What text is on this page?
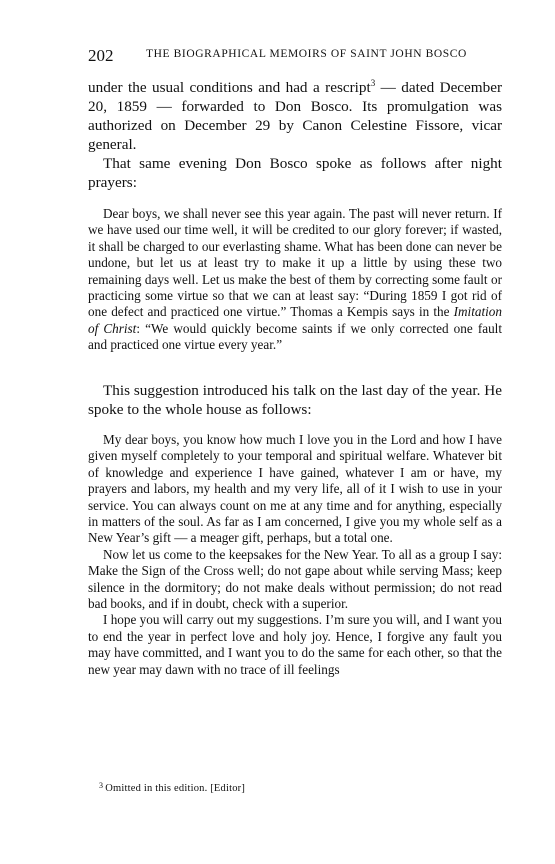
202	THE BIOGRAPHICAL MEMOIRS OF SAINT JOHN BOSCO

under the usual conditions and had a rescript$^3$ — dated December 20, 1859 — forwarded to Don Bosco. Its promulgation was authorized on December 29 by Canon Celestine Fissore, vicar general.

That same evening Don Bosco spoke as follows after night prayers:

Dear boys, we shall never see this year again. The past will never return. If we have used our time well, it will be credited to our glory forever; if wasted, it shall be charged to our everlasting shame. What has been done can never be undone, but let us at least try to make it up a little by using these two remaining days well. Let us make the best of them by correcting some fault or practicing some virtue so that we can at least say: “During 1859 I got rid of one defect and practiced one virtue.” Thomas a Kempis says in the Imitation of Christ: “We would quickly become saints if we only corrected one fault and practiced one virtue every year.”

This suggestion introduced his talk on the last day of the year. He spoke to the whole house as follows:

My dear boys, you know how much I love you in the Lord and how I have given myself completely to your temporal and spiritual welfare. Whatever bit of knowledge and experience I have gained, whatever I am or have, my prayers and labors, my health and my very life, all of it I wish to use in your service. You can always count on me at any time and for anything, especially in matters of the soul. As far as I am concerned, I give you my whole self as a New Year’s gift — a meager gift, perhaps, but a total one.

Now let us come to the keepsakes for the New Year. To all as a group I say: Make the Sign of the Cross well; do not gape about while serving Mass; keep silence in the dormitory; do not make deals without permission; do not read bad books, and if in doubt, check with a superior.

I hope you will carry out my suggestions. I’m sure you will, and I want you to end the year in perfect love and holy joy. Hence, I forgive any fault you may have committed, and I want you to do the same for each other, so that the new year may dawn with no trace of ill feelings

$^3$ Omitted in this edition. [Editor]
